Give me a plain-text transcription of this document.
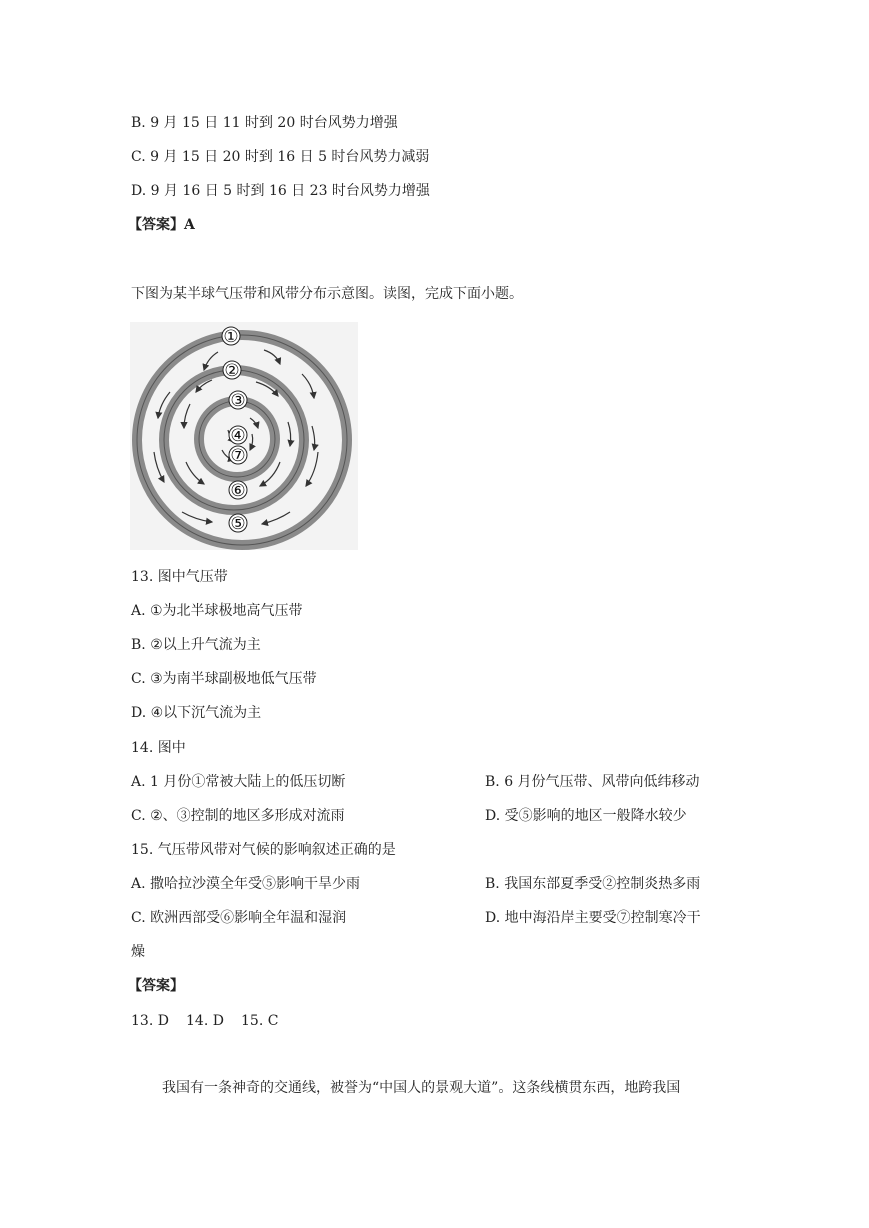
B. 9 月 15 日 11 时到 20 时台风势力增强
C. 9 月 15 日 20 时到 16 日 5 时台风势力减弱
D. 9 月 16 日 5 时到 16 日 23 时台风势力增强
【答案】A
下图为某半球气压带和风带分布示意图。读图，完成下面小题。
①
②
③
④
⑦
⑥
⑤
13. 图中气压带
A. ①为北半球极地高气压带
B. ②以上升气流为主
C. ③为南半球副极地低气压带
D. ④以下沉气流为主
14. 图中
A. 1 月份①常被大陆上的低压切断	B. 6 月份气压带、风带向低纬移动
C. ②、③控制的地区多形成对流雨	D. 受⑤影响的地区一般降水较少
15. 气压带风带对气候的影响叙述正确的是
A. 撒哈拉沙漠全年受⑤影响干旱少雨	B. 我国东部夏季受②控制炎热多雨
C. 欧洲西部受⑥影响全年温和湿润	D. 地中海沿岸主要受⑦控制寒冷干
燥
【答案】
13. D 14. D 15. C
我国有一条神奇的交通线，被誉为“中国人的景观大道”。这条线横贯东西，地跨我国
